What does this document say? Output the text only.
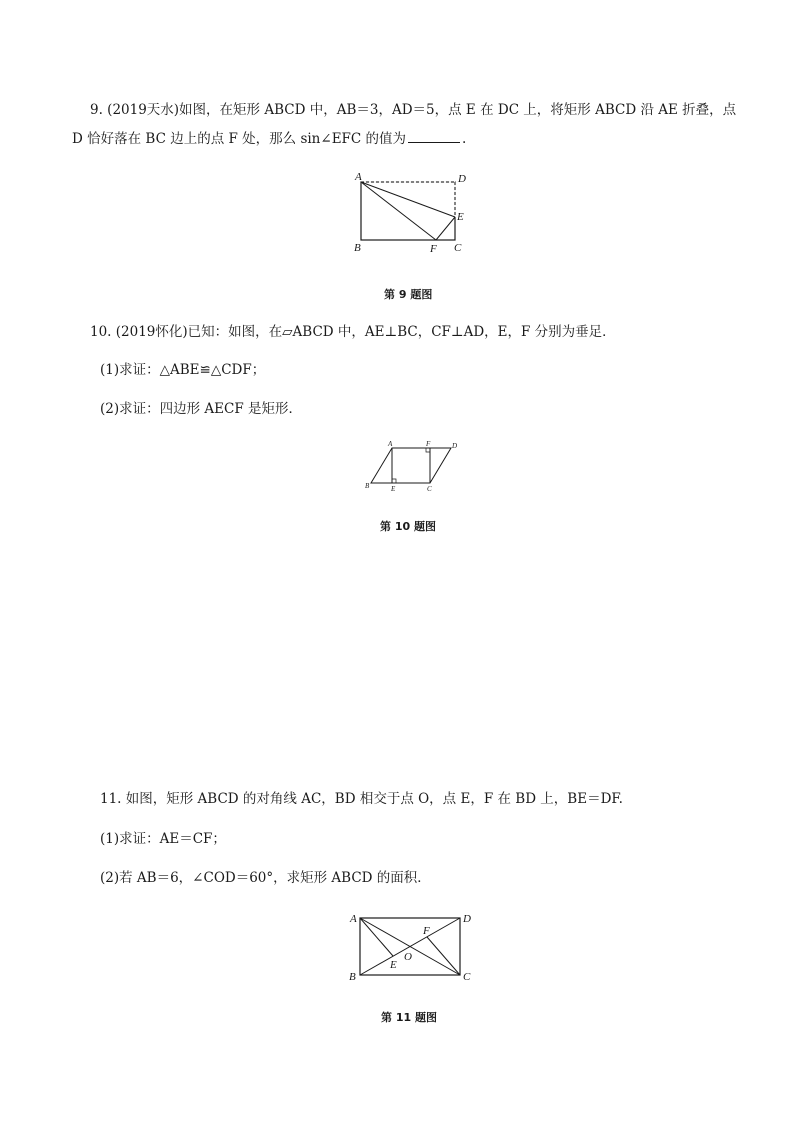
9. (2019天水)如图，在矩形 ABCD 中，AB＝3，AD＝5，点 E 在 DC 上，将矩形 ABCD 沿 AE 折叠，点
D 恰好落在 BC 边上的点 F 处，那么 sin∠EFC 的值为	.
A	D
E
B	F C
第 9 题图
10. (2019怀化)已知：如图，在▱ABCD 中，AE⊥BC，CF⊥AD，E，F 分别为垂足．
(1)求证：△ABE≌△CDF；
(2)求证：四边形 AECF 是矩形．
A	F	D
B	E	C
第 10 题图
11. 如图，矩形 ABCD 的对角线 AC，BD 相交于点 O，点 E，F 在 BD 上，BE＝DF.
(1)求证：AE＝CF；
(2)若 AB＝6，∠COD＝60°，求矩形 ABCD 的面积．
A	D
F
O
E
B	C
第 11 题图
